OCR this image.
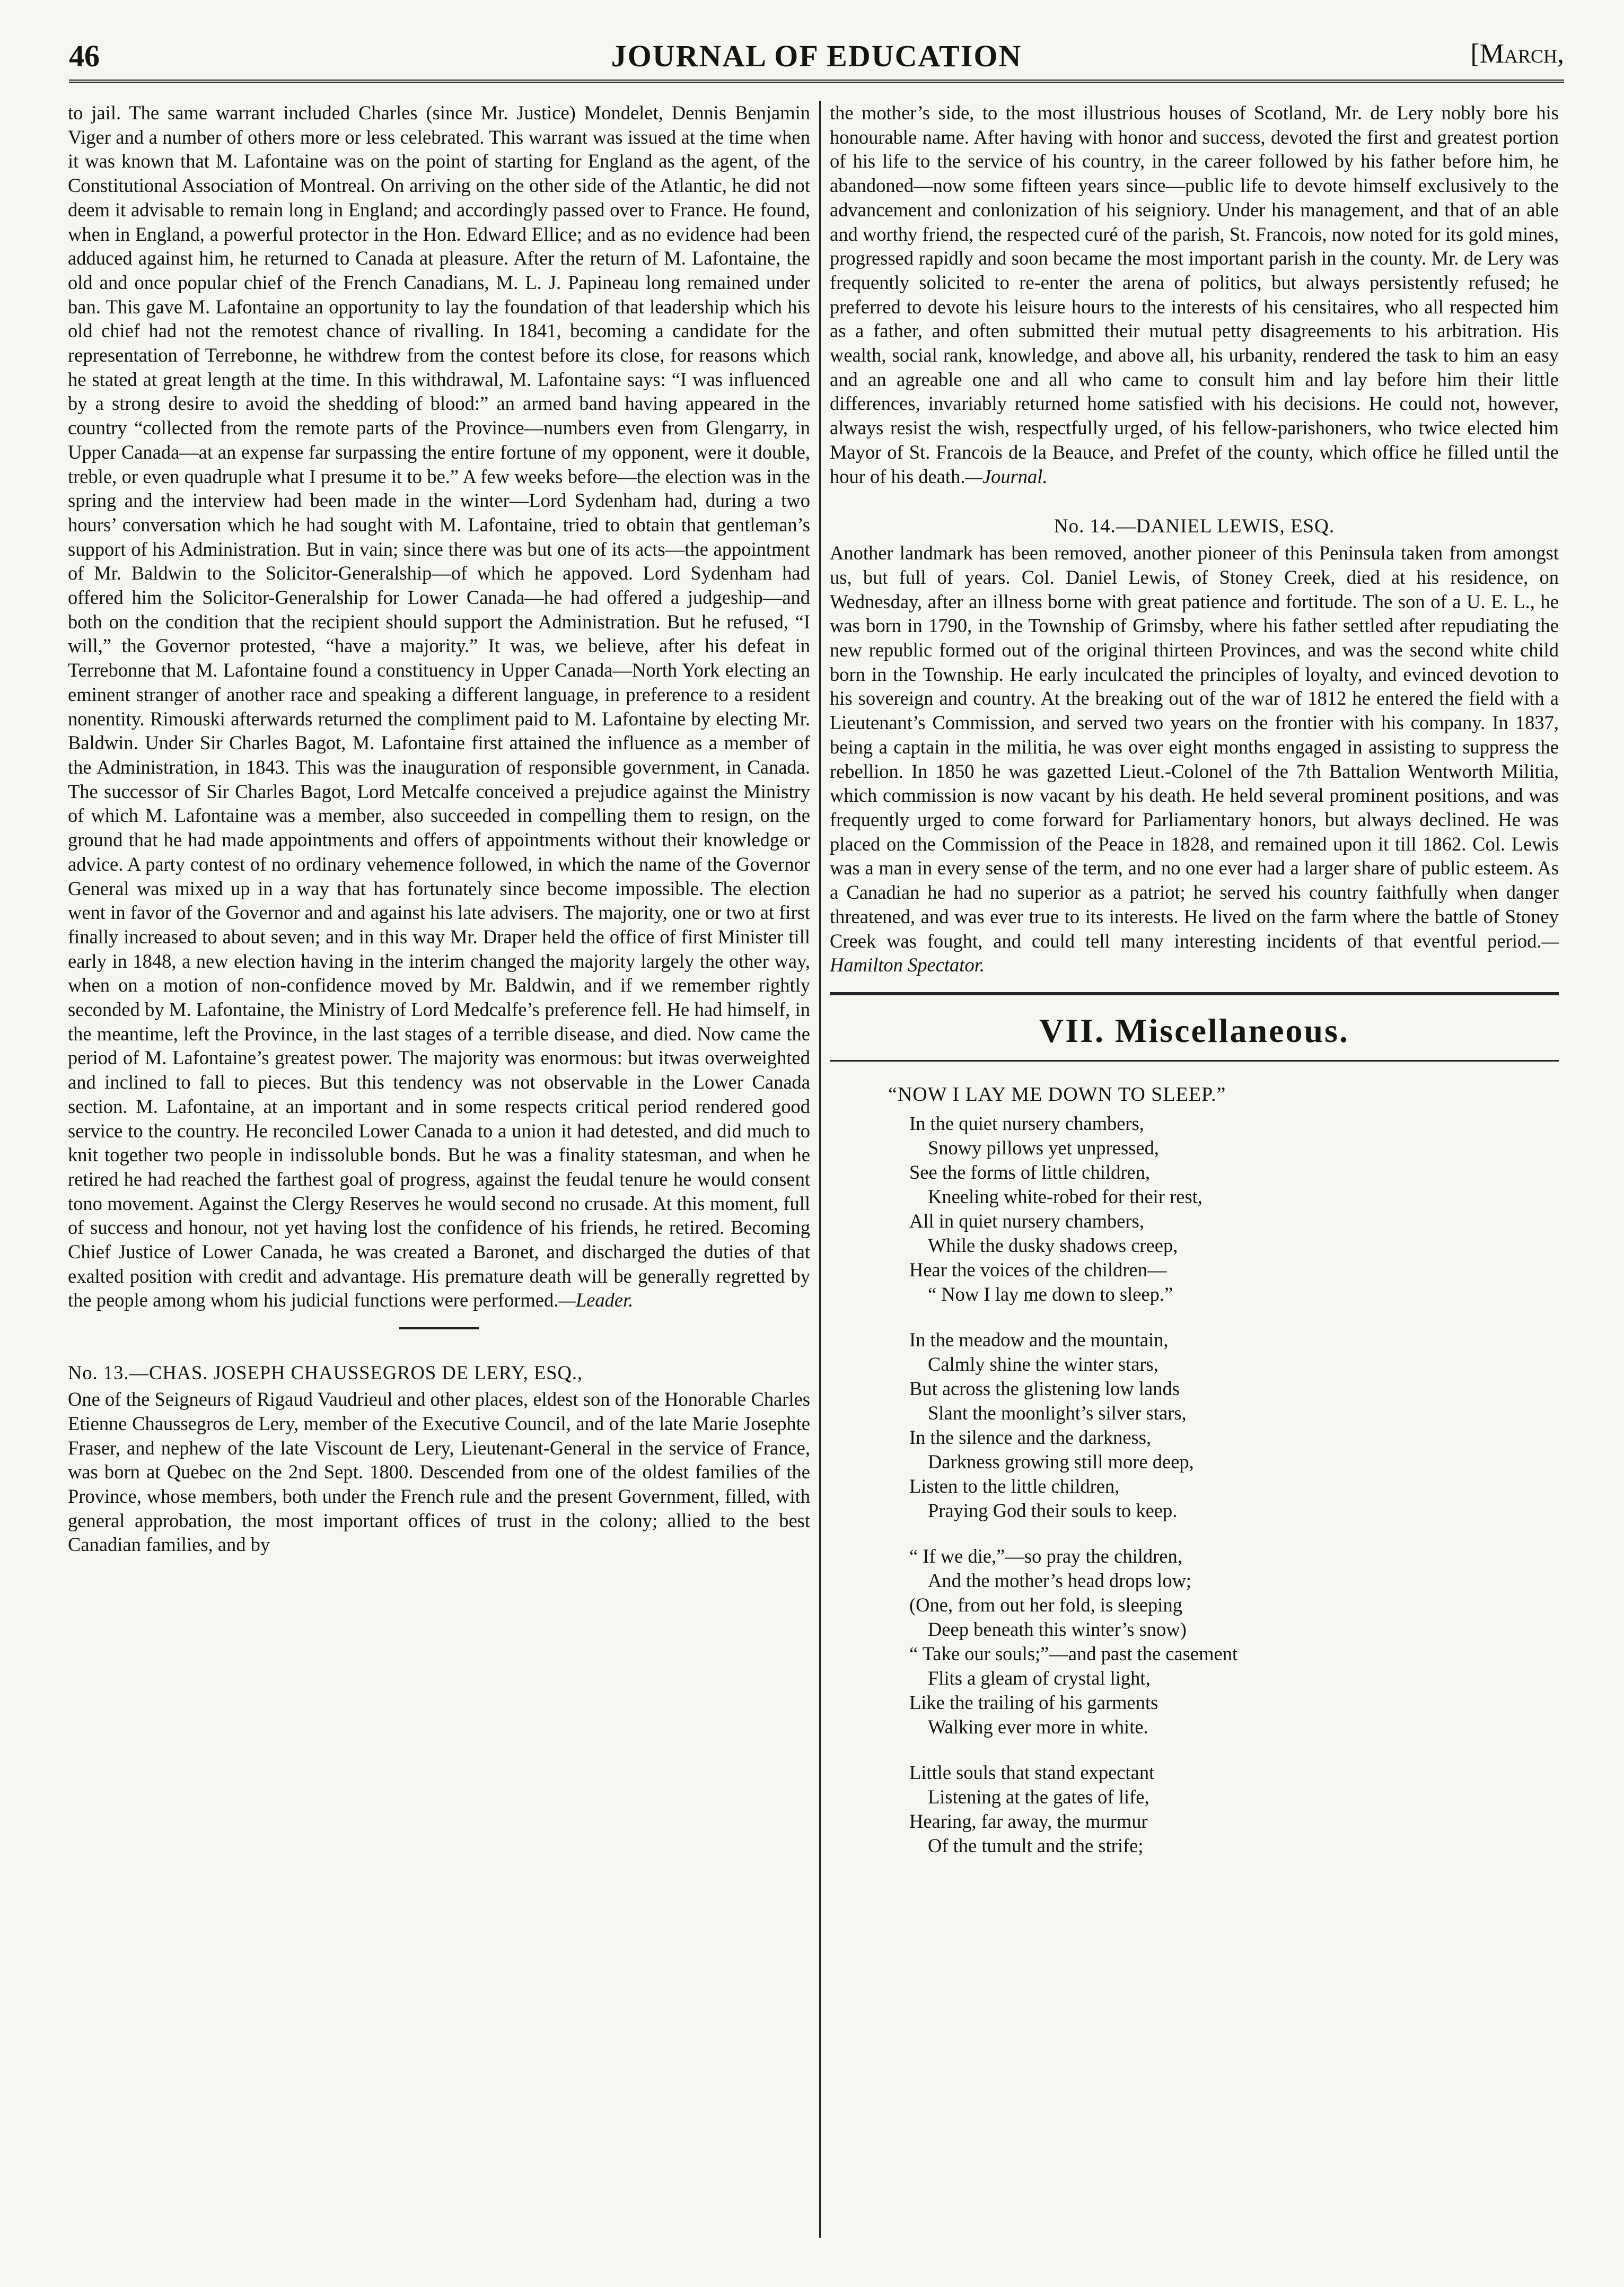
46	JOURNAL OF EDUCATION	[March,

to jail. The same warrant included Charles (since Mr. Justice) Mondelet, Dennis Benjamin Viger and a number of others more or less celebrated. This warrant was issued at the time when it was known that M. Lafontaine was on the point of starting for England as the agent, of the Constitutional Association of Montreal. On arriving on the other side of the Atlantic, he did not deem it advisable to remain long in England; and accordingly passed over to France. He found, when in England, a powerful protector in the Hon. Edward Ellice; and as no evidence had been adduced against him, he returned to Canada at pleasure. After the return of M. Lafontaine, the old and once popular chief of the French Canadians, M. L. J. Papineau long remained under ban. This gave M. Lafontaine an opportunity to lay the foundation of that leadership which his old chief had not the remotest chance of rivalling. In 1841, becoming a candidate for the representation of Terrebonne, he withdrew from the contest before its close, for reasons which he stated at great length at the time. In this withdrawal, M. Lafontaine says: “I was influenced by a strong desire to avoid the shedding of blood:” an armed band having appeared in the country “collected from the remote parts of the Province—numbers even from Glengarry, in Upper Canada—at an expense far surpassing the entire fortune of my opponent, were it double, treble, or even quadruple what I presume it to be.” A few weeks before—the election was in the spring and the interview had been made in the winter—Lord Sydenham had, during a two hours’ conversation which he had sought with M. Lafontaine, tried to obtain that gentleman’s support of his Administration. But in vain; since there was but one of its acts—the appointment of Mr. Baldwin to the Solicitor-Generalship—of which he appoved. Lord Sydenham had offered him the Solicitor-Generalship for Lower Canada—he had offered a judgeship—and both on the condition that the recipient should support the Administration. But he refused, “I will,” the Governor protested, “have a majority.” It was, we believe, after his defeat in Terrebonne that M. Lafontaine found a constituency in Upper Canada—North York electing an eminent stranger of another race and speaking a different language, in preference to a resident nonentity. Rimouski afterwards returned the compliment paid to M. Lafontaine by electing Mr. Baldwin. Under Sir Charles Bagot, M. Lafontaine first attained the influence as a member of the Administration, in 1843. This was the inauguration of responsible government, in Canada. The successor of Sir Charles Bagot, Lord Metcalfe conceived a prejudice against the Ministry of which M. Lafontaine was a member, also succeeded in compelling them to resign, on the ground that he had made appointments and offers of appointments without their knowledge or advice. A party contest of no ordinary vehemence followed, in which the name of the Governor General was mixed up in a way that has fortunately since become impossible. The election went in favor of the Governor and and against his late advisers. The majority, one or two at first finally increased to about seven; and in this way Mr. Draper held the office of first Minister till early in 1848, a new election having in the interim changed the majority largely the other way, when on a motion of non-confidence moved by Mr. Baldwin, and if we remember rightly seconded by M. Lafontaine, the Ministry of Lord Medcalfe’s preference fell. He had himself, in the meantime, left the Province, in the last stages of a terrible disease, and died. Now came the period of M. Lafontaine’s greatest power. The majority was enormous: but itwas overweighted and inclined to fall to pieces. But this tendency was not observable in the Lower Canada section. M. Lafontaine, at an important and in some respects critical period rendered good service to the country. He reconciled Lower Canada to a union it had detested, and did much to knit together two people in indissoluble bonds. But he was a finality statesman, and when he retired he had reached the farthest goal of progress, against the feudal tenure he would consent tono movement. Against the Clergy Reserves he would second no crusade. At this moment, full of success and honour, not yet having lost the confidence of his friends, he retired. Becoming Chief Justice of Lower Canada, he was created a Baronet, and discharged the duties of that exalted position with credit and advantage. His premature death will be generally regretted by the people among whom his judicial functions were performed.—Leader.

No. 13.—CHAS. JOSEPH CHAUSSEGROS DE LERY, ESQ.,

One of the Seigneurs of Rigaud Vaudrieul and other places, eldest son of the Honorable Charles Etienne Chaussegros de Lery, member of the Executive Council, and of the late Marie Josephte Fraser, and nephew of the late Viscount de Lery, Lieutenant-General in the service of France, was born at Quebec on the 2nd Sept. 1800. Descended from one of the oldest families of the Province, whose members, both under the French rule and the present Government, filled, with general approbation, the most important offices of trust in the colony; allied to the best Canadian families, and by

the mother’s side, to the most illustrious houses of Scotland, Mr. de Lery nobly bore his honourable name. After having with honor and success, devoted the first and greatest portion of his life to the service of his country, in the career followed by his father before him, he abandoned—now some fifteen years since—public life to devote himself exclusively to the advancement and conlonization of his seigniory. Under his management, and that of an able and worthy friend, the respected curé of the parish, St. Francois, now noted for its gold mines, progressed rapidly and soon became the most important parish in the county. Mr. de Lery was frequently solicited to re-enter the arena of politics, but always persistently refused; he preferred to devote his leisure hours to the interests of his censitaires, who all respected him as a father, and often submitted their mutual petty disagreements to his arbitration. His wealth, social rank, knowledge, and above all, his urbanity, rendered the task to him an easy and an agreable one and all who came to consult him and lay before him their little differences, invariably returned home satisfied with his decisions. He could not, however, always resist the wish, respectfully urged, of his fellow-parishoners, who twice elected him Mayor of St. Francois de la Beauce, and Prefet of the county, which office he filled until the hour of his death.—Journal.

No. 14.—DANIEL LEWIS, ESQ.

Another landmark has been removed, another pioneer of this Peninsula taken from amongst us, but full of years. Col. Daniel Lewis, of Stoney Creek, died at his residence, on Wednesday, after an illness borne with great patience and fortitude. The son of a U. E. L., he was born in 1790, in the Township of Grimsby, where his father settled after repudiating the new republic formed out of the original thirteen Provinces, and was the second white child born in the Township. He early inculcated the principles of loyalty, and evinced devotion to his sovereign and country. At the breaking out of the war of 1812 he entered the field with a Lieutenant’s Commission, and served two years on the frontier with his company. In 1837, being a captain in the militia, he was over eight months engaged in assisting to suppress the rebellion. In 1850 he was gazetted Lieut.-Colonel of the 7th Battalion Wentworth Militia, which commission is now vacant by his death. He held several prominent positions, and was frequently urged to come forward for Parliamentary honors, but always declined. He was placed on the Commission of the Peace in 1828, and remained upon it till 1862. Col. Lewis was a man in every sense of the term, and no one ever had a larger share of public esteem. As a Canadian he had no superior as a patriot; he served his country faithfully when danger threatened, and was ever true to its interests. He lived on the farm where the battle of Stoney Creek was fought, and could tell many interesting incidents of that eventful period.—Hamilton Spectator.

VII. Miscellaneous.
“NOW I LAY ME DOWN TO SLEEP.”
In the quiet nursery chambers,
Snowy pillows yet unpressed,
See the forms of little children,
Kneeling white-robed for their rest,
All in quiet nursery chambers,
While the dusky shadows creep,
Hear the voices of the children—
“ Now I lay me down to sleep.”
In the meadow and the mountain,
Calmly shine the winter stars,
But across the glistening low lands
Slant the moonlight’s silver stars,
In the silence and the darkness,
Darkness growing still more deep,
Listen to the little children,
Praying God their souls to keep.
“ If we die,”—so pray the children,
And the mother’s head drops low;
(One, from out her fold, is sleeping
Deep beneath this winter’s snow)
“ Take our souls;”—and past the casement
Flits a gleam of crystal light,
Like the trailing of his garments
Walking ever more in white.
Little souls that stand expectant
Listening at the gates of life,
Hearing, far away, the murmur
Of the tumult and the strife;
